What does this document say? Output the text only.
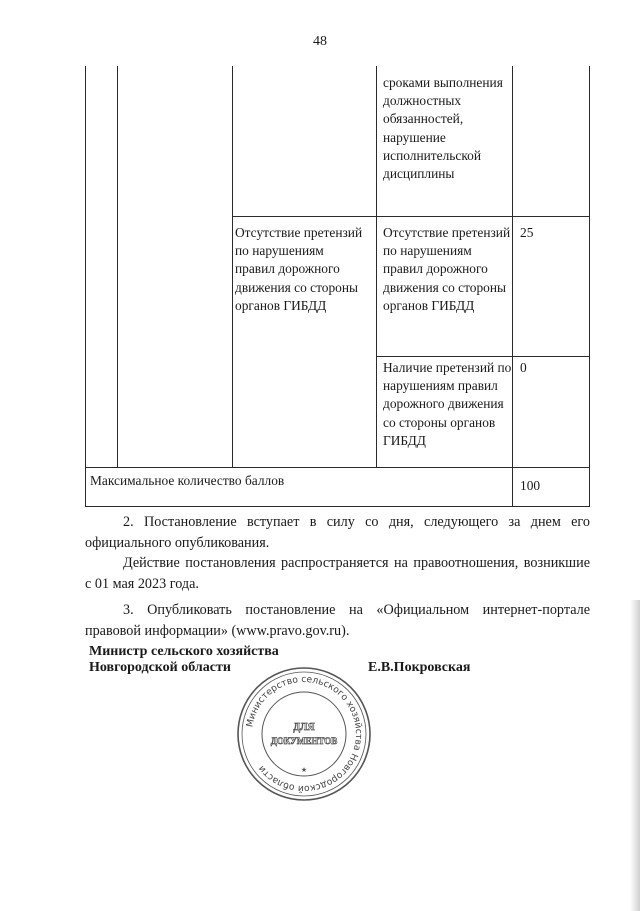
48
сроками выполнения должностных обязанностей, нарушение исполнительской дисциплины
Отсутствие претензий по нарушениям правил дорожного движения со стороны органов ГИБДД
Отсутствие претензий по нарушениям правил дорожного движения со стороны органов ГИБДД
25
Наличие претензий по нарушениям правил дорожного движения со стороны органов ГИБДД
0
Максимальное количество баллов	100

2. Постановление вступает в силу со дня, следующего за днем его официального опубликования.

Действие постановления распространяется на правоотношения, возникшие с 01 мая 2023 года.

3. Опубликовать постановление на «Официальном интернет-портале правовой информации» (www.pravo.gov.ru).

Министр сельского хозяйства
Новгородской области	Е.В.Покровская
Министерство сельского хозяйства Новгородской области
ДЛЯ
ДОКУМЕНТОВ
★
